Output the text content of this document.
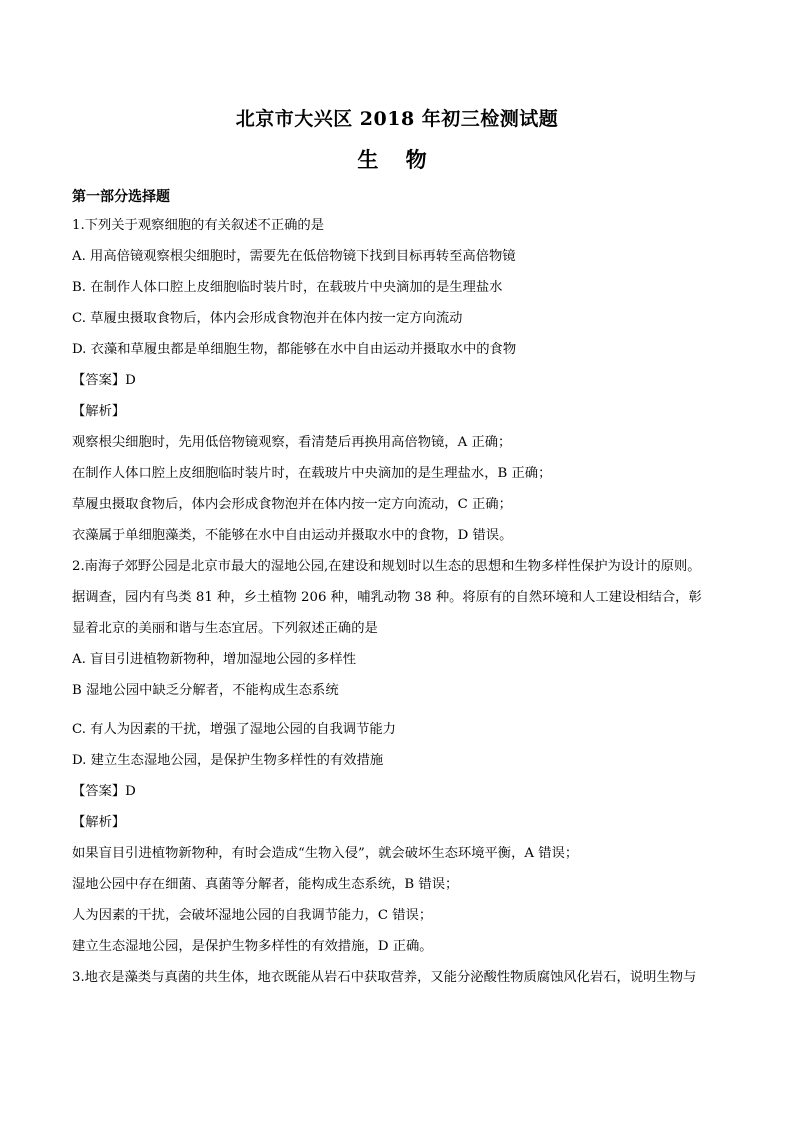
北京市大兴区 2018 年初三检测试题
生 物
第一部分选择题
1.下列关于观察细胞的有关叙述不正确的是
A. 用高倍镜观察根尖细胞时，需要先在低倍物镜下找到目标再转至高倍物镜
B. 在制作人体口腔上皮细胞临时装片时，在载玻片中央滴加的是生理盐水
C. 草履虫摄取食物后，体内会形成食物泡并在体内按一定方向流动
D. 衣藻和草履虫都是单细胞生物，都能够在水中自由运动并摄取水中的食物
【答案】D
【解析】
观察根尖细胞时，先用低倍物镜观察，看清楚后再换用高倍物镜，A 正确；
在制作人体口腔上皮细胞临时装片时，在载玻片中央滴加的是生理盐水，B 正确；
草履虫摄取食物后，体内会形成食物泡并在体内按一定方向流动，C 正确；
衣藻属于单细胞藻类，不能够在水中自由运动并摄取水中的食物，D 错误。
2.南海子郊野公园是北京市最大的湿地公园,在建设和规划时以生态的思想和生物多样性保护为设计的原则。
据调查，园内有鸟类 81 种，乡土植物 206 种，哺乳动物 38 种。将原有的自然环境和人工建设相结合，彰
显着北京的美丽和谐与生态宜居。下列叙述正确的是
A. 盲目引进植物新物种，增加湿地公园的多样性
B 湿地公园中缺乏分解者，不能构成生态系统
C. 有人为因素的干扰，增强了湿地公园的自我调节能力
D. 建立生态湿地公园，是保护生物多样性的有效措施
【答案】D
【解析】
如果盲目引进植物新物种，有时会造成“生物入侵”，就会破坏生态环境平衡，A 错误；
湿地公园中存在细菌、真菌等分解者，能构成生态系统，B 错误；
人为因素的干扰，会破坏湿地公园的自我调节能力，C 错误；
建立生态湿地公园，是保护生物多样性的有效措施，D 正确。
3.地衣是藻类与真菌的共生体，地衣既能从岩石中获取营养，又能分泌酸性物质腐蚀风化岩石，说明生物与
